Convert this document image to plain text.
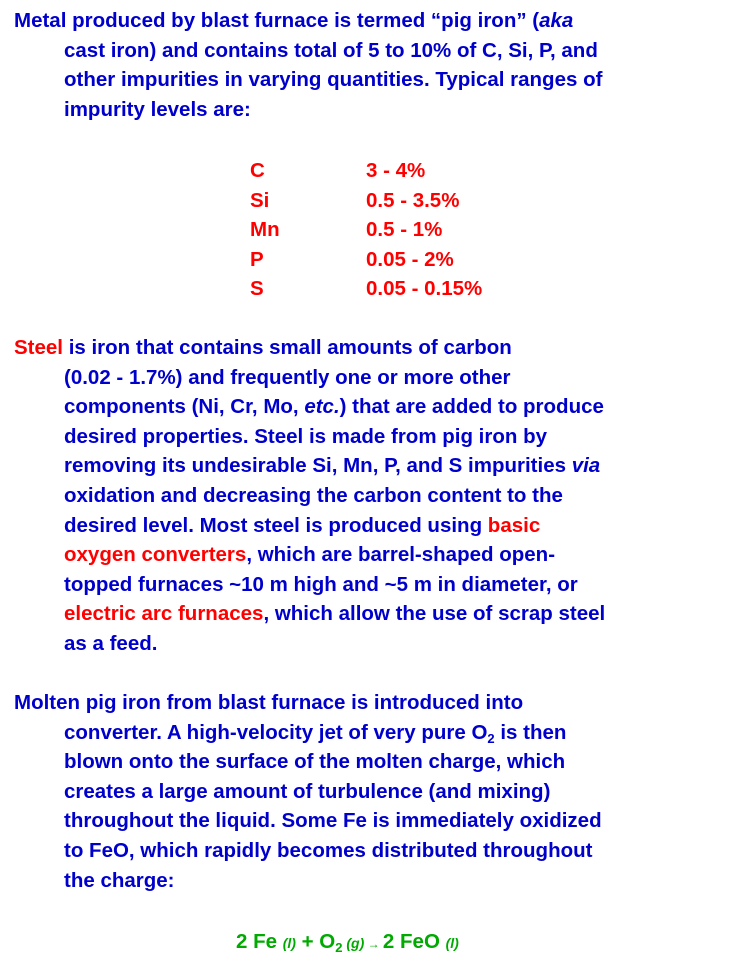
Metal produced by blast furnace is termed “pig iron” (aka
cast iron) and contains total of 5 to 10% of C, Si, P, and
other impurities in varying quantities. Typical ranges of
impurity levels are:
C	3 - 4%
Si	0.5 - 3.5%
Mn	0.5 - 1%
P	0.05 - 2%
S	0.05 - 0.15%
Steel is iron that contains small amounts of carbon
(0.02 - 1.7%) and frequently one or more other
components (Ni, Cr, Mo, etc.) that are added to produce
desired properties. Steel is made from pig iron by
removing its undesirable Si, Mn, P, and S impurities via
oxidation and decreasing the carbon content to the
desired level. Most steel is produced using basic
oxygen converters, which are barrel-shaped open-
topped furnaces ~10 m high and ~5 m in diameter, or
electric arc furnaces, which allow the use of scrap steel
as a feed.
Molten pig iron from blast furnace is introduced into
converter. A high-velocity jet of very pure $O_2$ is then
blown onto the surface of the molten charge, which
creates a large amount of turbulence (and mixing)
throughout the liquid. Some Fe is immediately oxidized
to FeO, which rapidly becomes distributed throughout
the charge:
2 Fe $(l) + O_2$ (g) → 2 FeO (l)
